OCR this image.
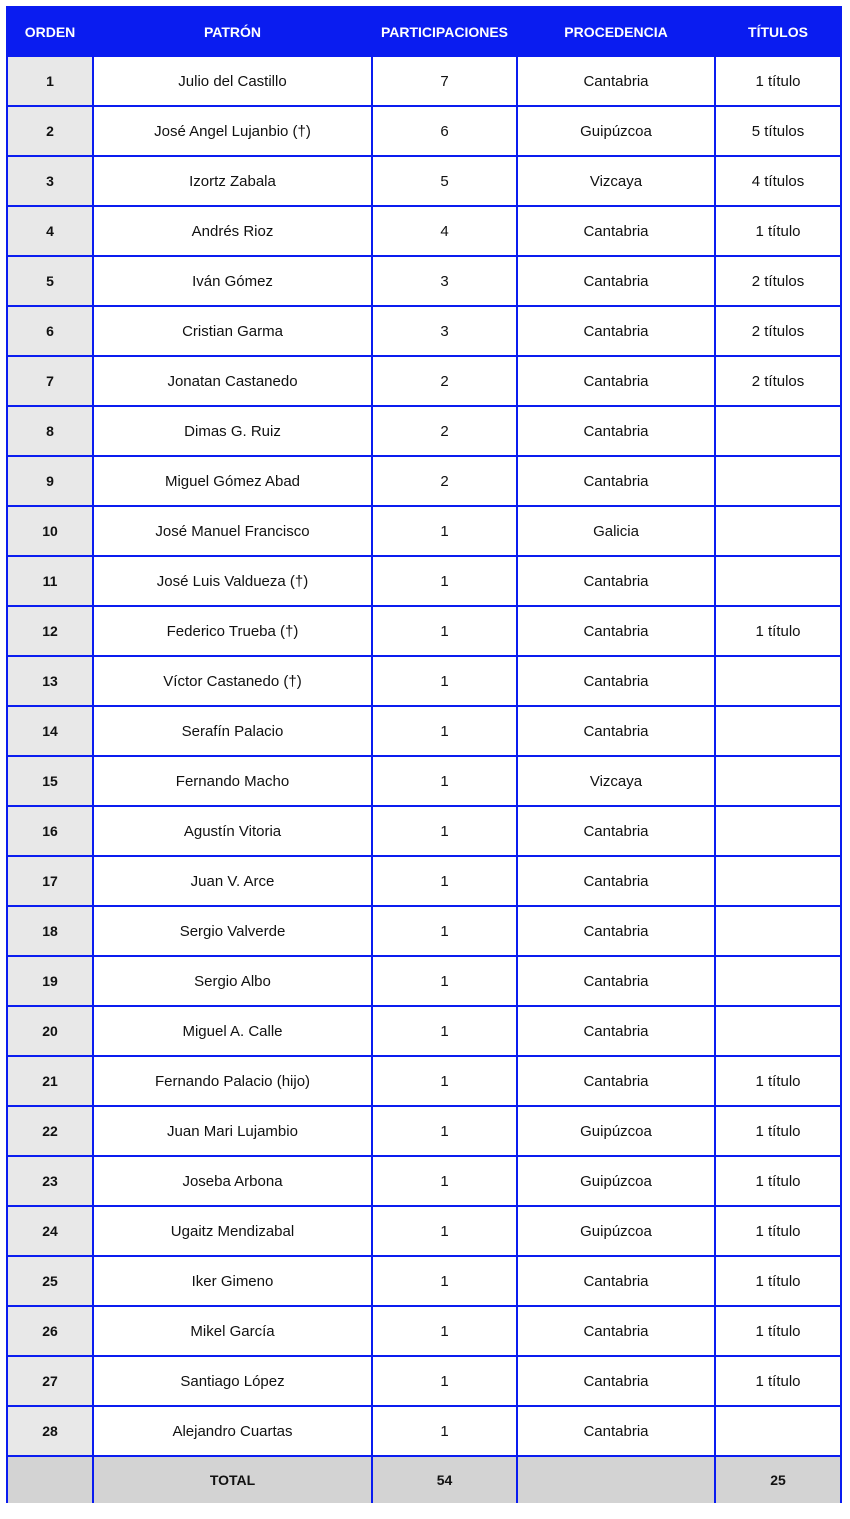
ORDEN	PATRÓN	PARTICIPACIONES	PROCEDENCIA	TÍTULOS
1	Julio del Castillo	7	Cantabria	1 título
2	José Angel Lujanbio (†)	6	Guipúzcoa	5 títulos
3	Izortz Zabala	5	Vizcaya	4 títulos
4	Andrés Rioz	4	Cantabria	1 título
5	Iván Gómez	3	Cantabria	2 títulos
6	Cristian Garma	3	Cantabria	2 títulos
7	Jonatan Castanedo	2	Cantabria	2 títulos
8	Dimas G. Ruiz	2	Cantabria	
9	Miguel Gómez Abad	2	Cantabria	
10	José Manuel Francisco	1	Galicia	
11	José Luis Valdueza (†)	1	Cantabria	
12	Federico Trueba (†)	1	Cantabria	1 título
13	Víctor Castanedo (†)	1	Cantabria	
14	Serafín Palacio	1	Cantabria	
15	Fernando Macho	1	Vizcaya	
16	Agustín Vitoria	1	Cantabria	
17	Juan V. Arce	1	Cantabria	
18	Sergio Valverde	1	Cantabria	
19	Sergio Albo	1	Cantabria	
20	Miguel A. Calle	1	Cantabria	
21	Fernando Palacio (hijo)	1	Cantabria	1 título
22	Juan Mari Lujambio	1	Guipúzcoa	1 título
23	Joseba Arbona	1	Guipúzcoa	1 título
24	Ugaitz Mendizabal	1	Guipúzcoa	1 título
25	Iker Gimeno	1	Cantabria	1 título
26	Mikel García	1	Cantabria	1 título
27	Santiago López	1	Cantabria	1 título
28	Alejandro Cuartas	1	Cantabria	
	TOTAL	54		25
